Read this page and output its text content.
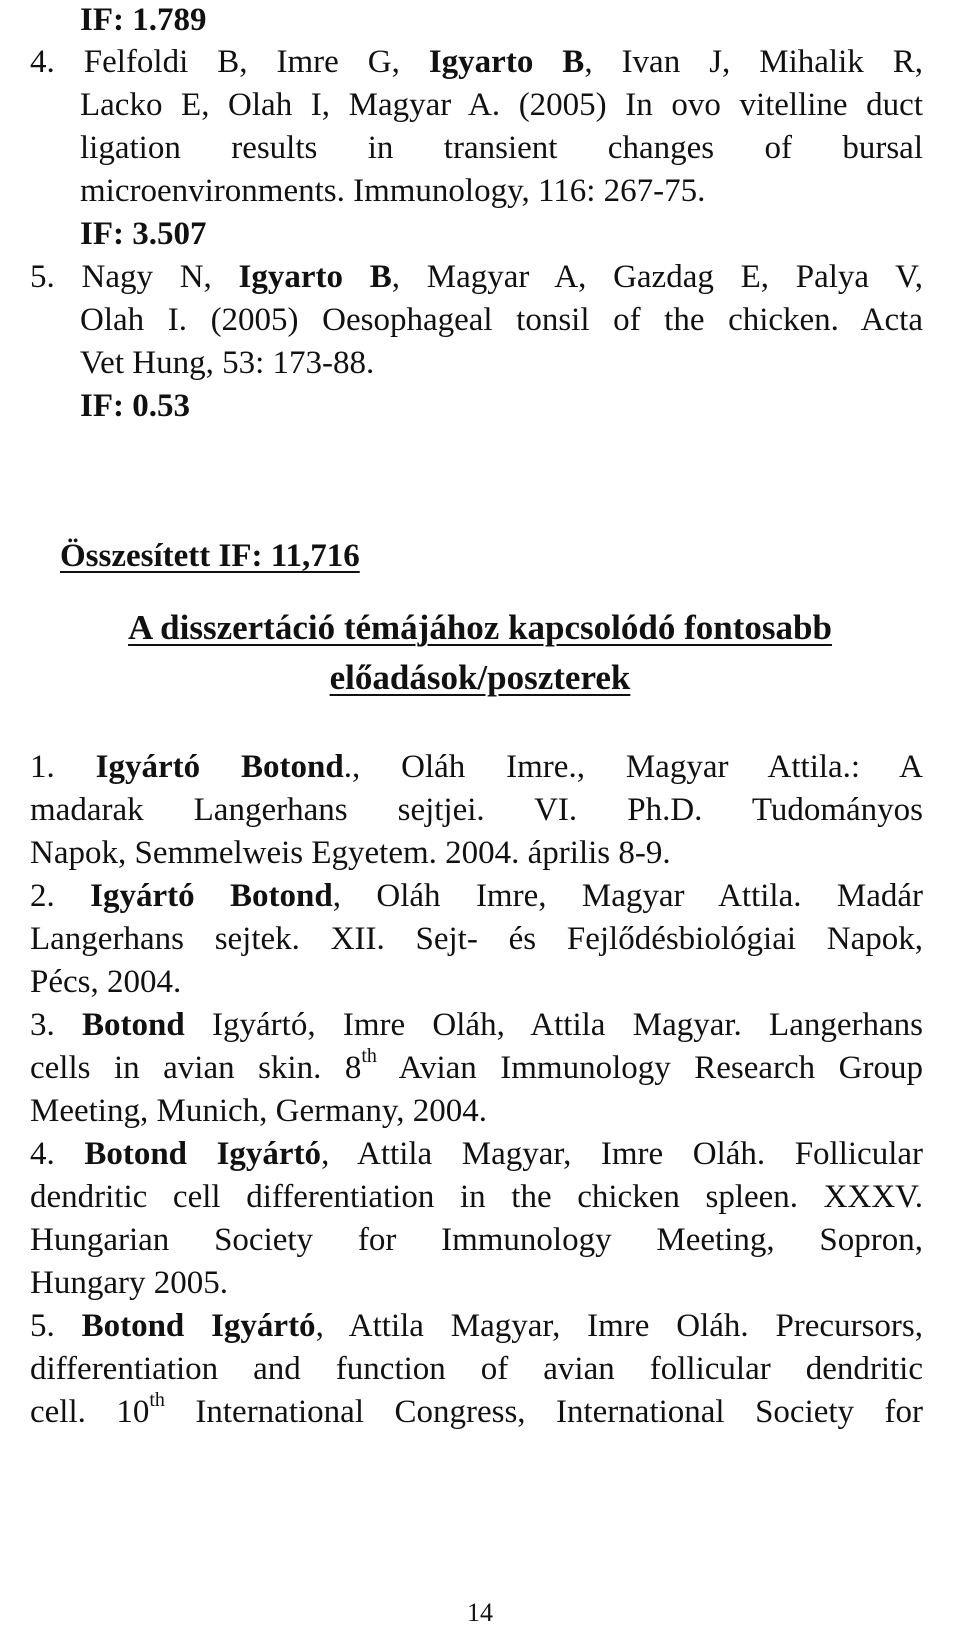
IF: 1.789
4. Felfoldi B, Imre G, Igyarto B, Ivan J, Mihalik R,
Lacko E, Olah I, Magyar A. (2005) In ovo vitelline duct
ligation results in transient changes of bursal
microenvironments. Immunology, 116: 267-75.
IF: 3.507
5. Nagy N, Igyarto B, Magyar A, Gazdag E, Palya V,
Olah I. (2005) Oesophageal tonsil of the chicken. Acta
Vet Hung, 53: 173-88.
IF: 0.53
Összesített IF: 11,716
A disszertáció témájához kapcsolódó fontosabb
előadások/poszterek
1. Igyártó Botond., Oláh Imre., Magyar Attila.: A
madarak Langerhans sejtjei. VI. Ph.D. Tudományos
Napok, Semmelweis Egyetem. 2004. április 8-9.
2. Igyártó Botond, Oláh Imre, Magyar Attila. Madár
Langerhans sejtek. XII. Sejt- és Fejlődésbiológiai Napok,
Pécs, 2004.
3. Botond Igyártó, Imre Oláh, Attila Magyar. Langerhans
cells in avian skin. 8th Avian Immunology Research Group
Meeting, Munich, Germany, 2004.
4. Botond Igyártó, Attila Magyar, Imre Oláh. Follicular
dendritic cell differentiation in the chicken spleen. XXXV.
Hungarian Society for Immunology Meeting, Sopron,
Hungary 2005.
5. Botond Igyártó, Attila Magyar, Imre Oláh. Precursors,
differentiation and function of avian follicular dendritic
cell. 10th International Congress, International Society for
14
